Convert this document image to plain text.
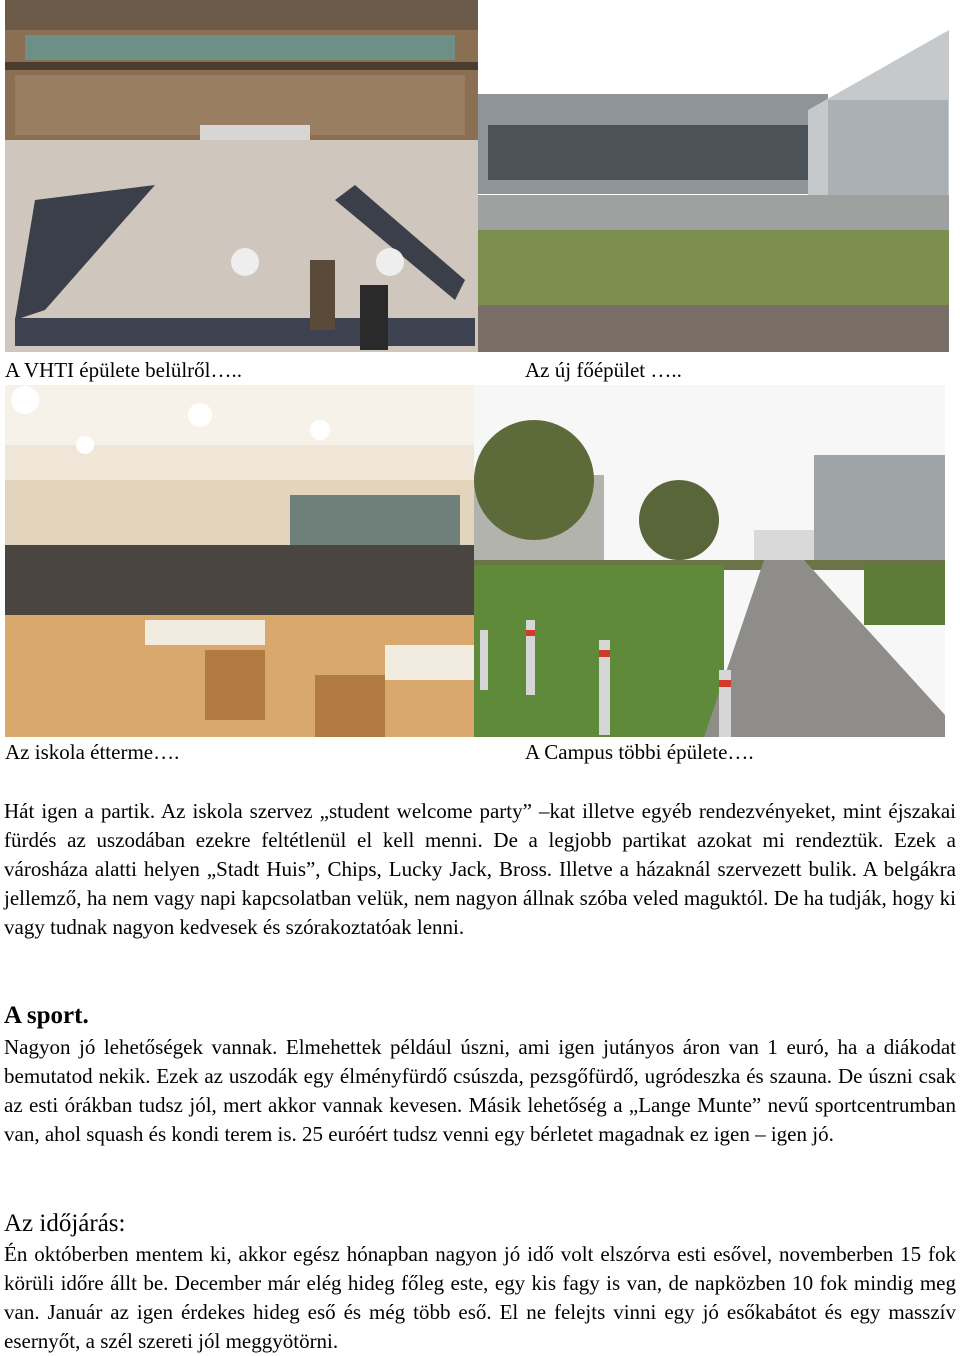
A VHTI épülete belülről…..	Az új főépület …..
Az iskola étterme….	A Campus többi épülete….

Hát igen a partik. Az iskola szervez „student welcome party” –kat illetve egyéb rendezvényeket, mint éjszakai fürdés az uszodában ezekre feltétlenül el kell menni. De a legjobb partikat azokat mi rendeztük. Ezek a városháza alatti helyen „Stadt Huis”, Chips, Lucky Jack, Bross. Illetve a házaknál szervezett bulik. A belgákra jellemző, ha nem vagy napi kapcsolatban velük, nem nagyon állnak szóba veled maguktól. De ha tudják, hogy ki vagy tudnak nagyon kedvesek és szórakoztatóak lenni.

A sport.

Nagyon jó lehetőségek vannak. Elmehettek például úszni, ami igen jutányos áron van 1 euró, ha a diákodat bemutatod nekik. Ezek az uszodák egy élményfürdő csúszda, pezsgőfürdő, ugródeszka és szauna. De úszni csak az esti órákban tudsz jól, mert akkor vannak kevesen. Másik lehetőség a „Lange Munte” nevű sportcentrumban van, ahol squash és kondi terem is. 25 euróért tudsz venni egy bérletet magadnak ez igen – igen jó.

Az időjárás:

Én októberben mentem ki, akkor egész hónapban nagyon jó idő volt elszórva esti esővel, novemberben 15 fok körüli időre állt be. December már elég hideg főleg este, egy kis fagy is van, de napközben 10 fok mindig meg van. Január az igen érdekes hideg eső és még több eső. El ne felejts vinni egy jó esőkabátot és egy masszív esernyőt, a szél szereti jól meggyötörni.
